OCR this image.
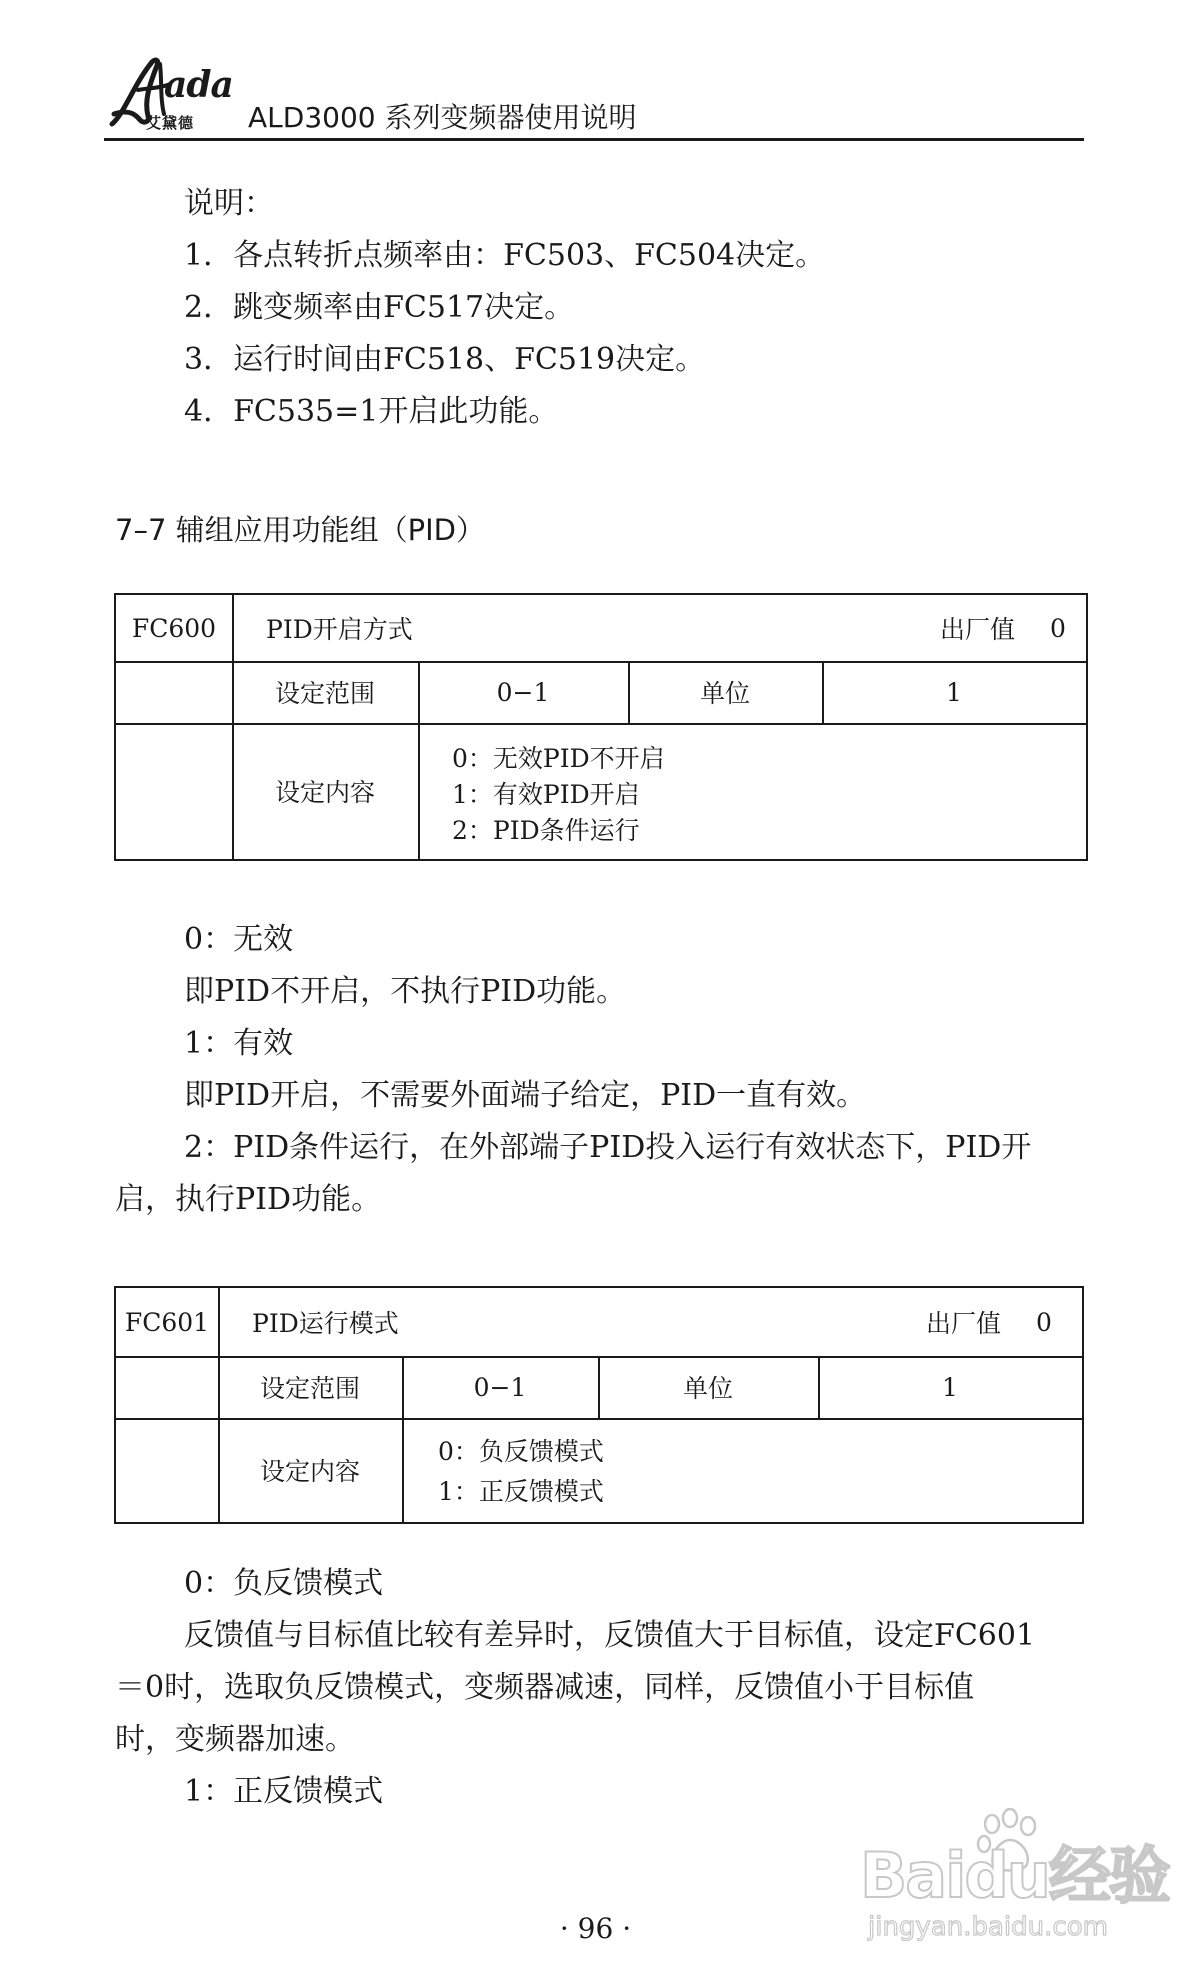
ada
艾黛德 ALD3000 系列变频器使用说明
说明：
1．各点转折点频率由：FC503、FC504决定。
2．跳变频率由FC517决定。
3．运行时间由FC518、FC519决定。
4．FC535=1开启此功能。
7–7 辅组应用功能组（PID）
FC600	PID开启方式	出厂值 0
设定范围	0−1	单位	1
设定内容
0：无效PID不开启
1：有效PID开启
2：PID条件运行
0：无效
即PID不开启，不执行PID功能。
1：有效
即PID开启，不需要外面端子给定，PID一直有效。
2：PID条件运行，在外部端子PID投入运行有效状态下，PID开
启，执行PID功能。
FC601	PID运行模式	出厂值 0
设定范围	0−1	单位	1
设定内容
0：负反馈模式
1：正反馈模式
0：负反馈模式
反馈值与目标值比较有差异时，反馈值大于目标值，设定FC601
＝0时，选取负反馈模式，变频器减速，同样，反馈值小于目标值
时，变频器加速。
1：正反馈模式
Baidu经验
jingyan.baidu.com
· 96 ·
